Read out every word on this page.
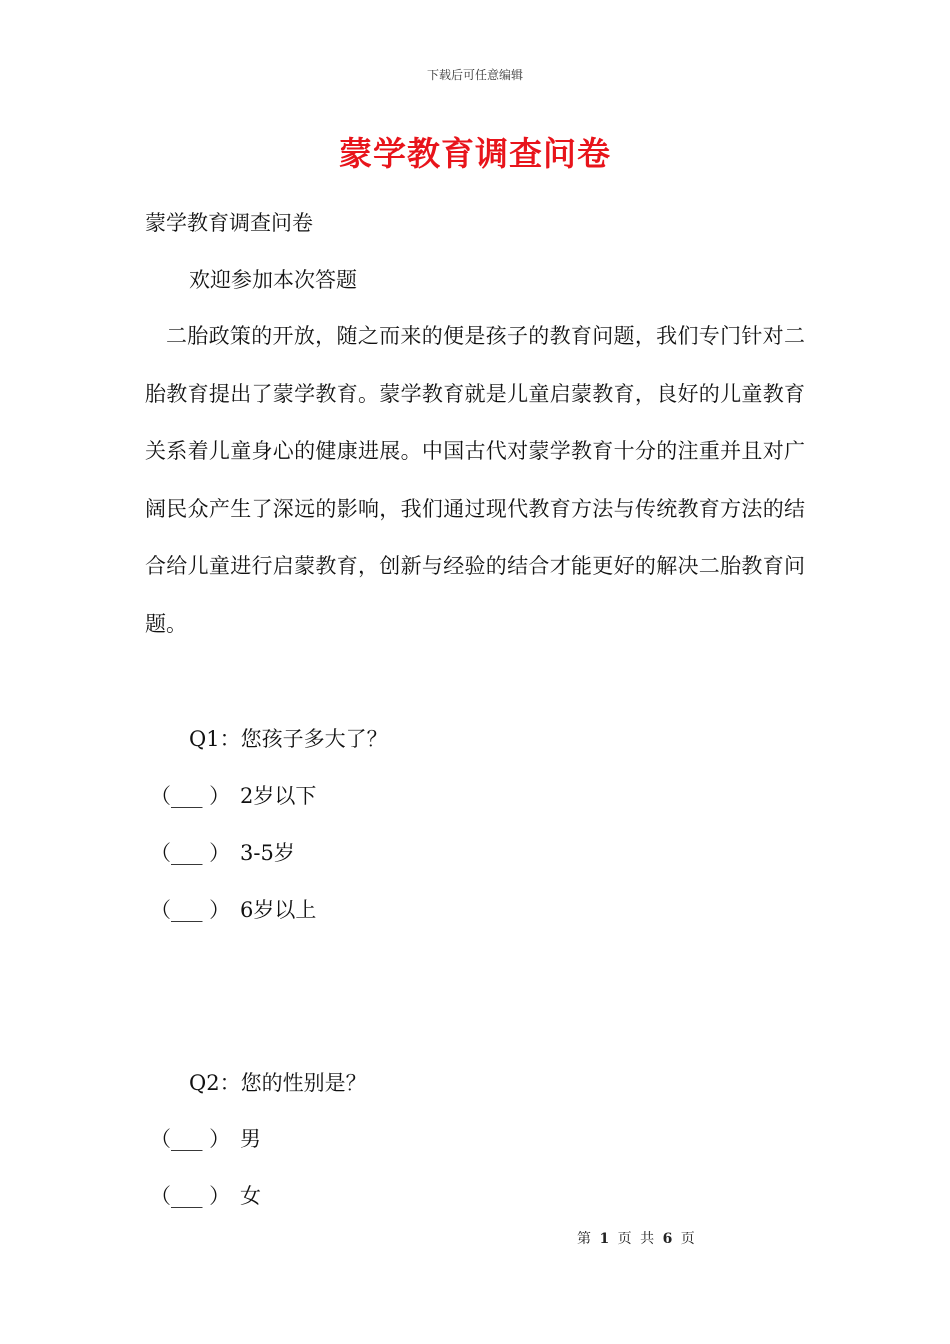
下载后可任意编辑
蒙学教育调查问卷
蒙学教育调查问卷
欢迎参加本次答题
二胎政策的开放，随之而来的便是孩子的教育问题，我们专门针对二胎教育提出了蒙学教育。蒙学教育就是儿童启蒙教育，良好的儿童教育关系着儿童身心的健康进展。中国古代对蒙学教育十分的注重并且对广阔民众产生了深远的影响，我们通过现代教育方法与传统教育方法的结合给儿童进行启蒙教育，创新与经验的结合才能更好的解决二胎教育问题。
Q1：您孩子多大了？
（___ ） 2岁以下
（___ ） 3-5岁
（___ ） 6岁以上
Q2：您的性别是？
（___ ） 男
（___ ） 女
第 1 页 共 6 页
